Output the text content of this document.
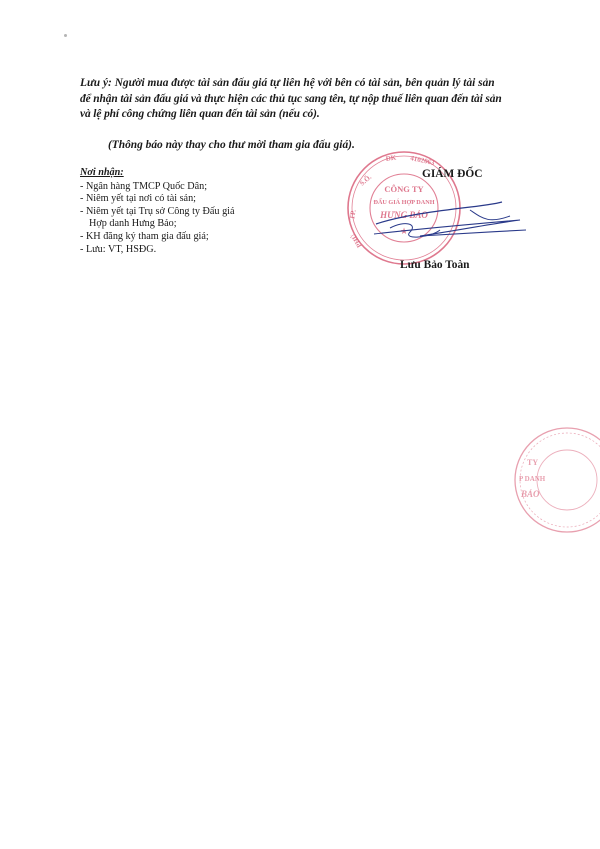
S.Ố.
ĐK 4102063
TP.
PHÚ
CÔNG TY
ĐẤU GIÁ HỢP DANH
HƯNG BẢO
★
TY
P DANH
BẢO
Lưu ý: Người mua được tài sản đấu giá tự liên hệ với bên có tài sản, bên quản lý tài sản
để nhận tài sản đấu giá và thực hiện các thủ tục sang tên, tự nộp thuế liên quan đến tài sản
và lệ phí công chứng liên quan đến tài sản (nếu có).
(Thông báo này thay cho thư mời tham gia đấu giá).
Nơi nhận:
- Ngân hàng TMCP Quốc Dân;
- Niêm yết tại nơi có tài sản;
- Niêm yết tại Trụ sở Công ty Đấu giá
Hợp danh Hưng Bảo;
- KH đăng ký tham gia đấu giá;
- Lưu: VT, HSĐG.
GIÁM ĐỐC
Lưu Bảo Toàn
